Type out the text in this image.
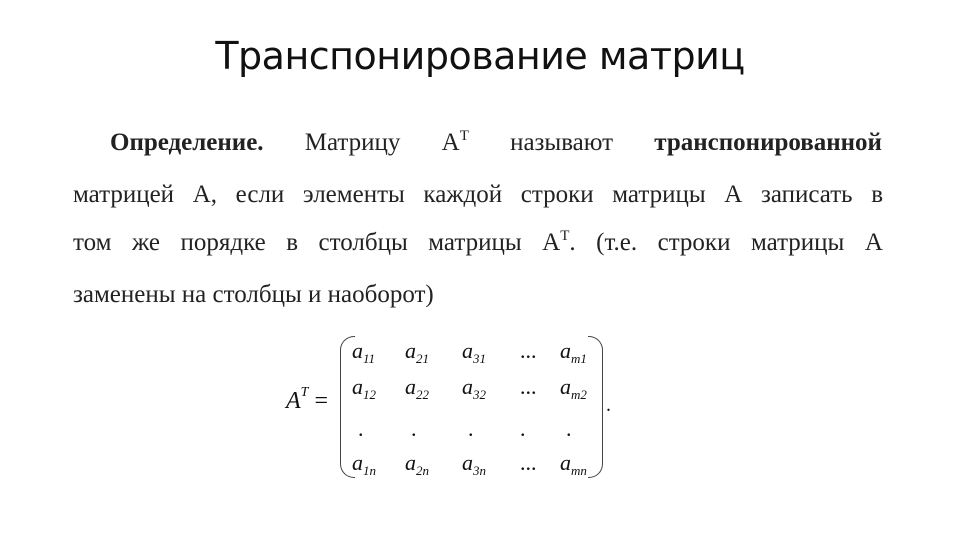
Транспонирование матриц
Определение. Матрицу $A^T$ называют транспонированной
матрицей A, если элементы каждой строки матрицы A записать в
том же порядке в столбцы матрицы $A^T$. (т.е. строки матрицы A
заменены на столбцы и наоборот)
$A^T$ =
$a_{11}$	$a_{21}$	$a_{31}$	...	$a_{m1}$
$a_{12}$	$a_{22}$	$a_{32}$	...	$a_{m2}$
.	.	.	.	.
$a_{1n}$	$a_{2n}$	$a_{3n}$	...	$a_{mn}$
.
